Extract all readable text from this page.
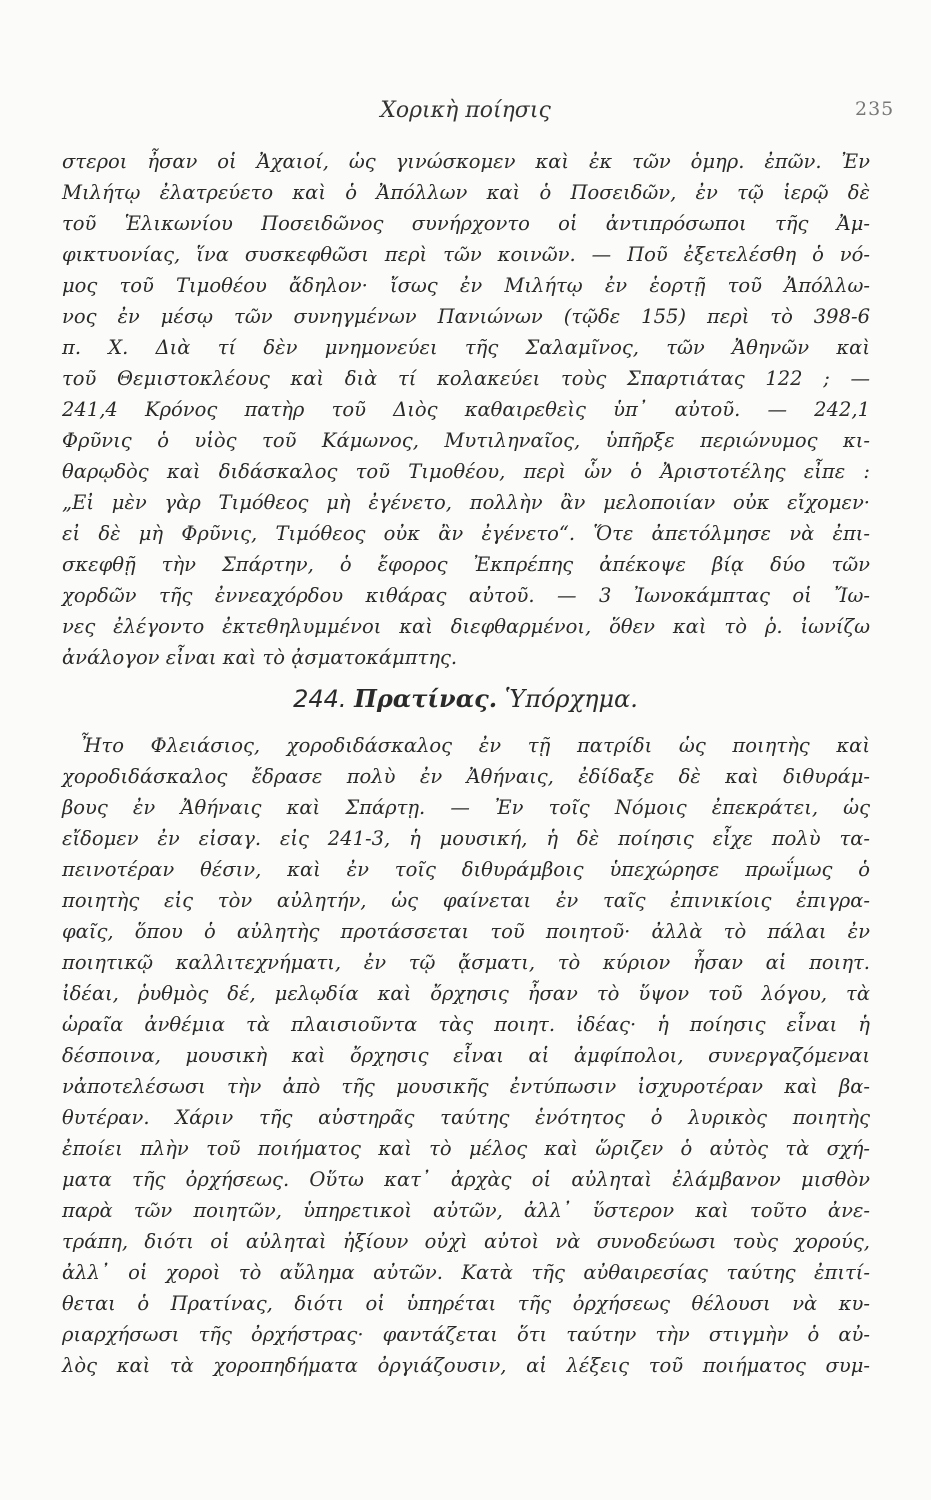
Χορικὴ ποίησις	235
στεροι ἦσαν οἱ Ἀχαιοί, ὡς γινώσκομεν καὶ ἐκ τῶν ὁμηρ. ἐπῶν. Ἐν
Μιλήτῳ ἐλατρεύετο καὶ ὁ Ἀπόλλων καὶ ὁ Ποσειδῶν, ἐν τῷ ἱερῷ δὲ
τοῦ Ἑλικωνίου Ποσειδῶνος συνήρχοντο οἱ ἀντιπρόσωποι τῆς Ἀμ-
φικτυονίας, ἵνα συσκεφθῶσι περὶ τῶν κοινῶν. — Ποῦ ἐξετελέσθη ὁ νό-
μος τοῦ Τιμοθέου ἄδηλον· ἴσως ἐν Μιλήτῳ ἐν ἑορτῇ τοῦ Ἀπόλλω-
νος ἐν μέσῳ τῶν συνηγμένων Πανιώνων (τῷδε 155) περὶ τὸ 398-6
π. Χ. Διὰ τί δὲν μνημονεύει τῆς Σαλαμῖνος, τῶν Ἀθηνῶν καὶ
τοῦ Θεμιστοκλέους καὶ διὰ τί κολακεύει τοὺς Σπαρτιάτας 122 ; —
241,4 Κρόνος πατὴρ τοῦ Διὸς καθαιρεθεὶς ὑπ᾽ αὐτοῦ. — 242,1
Φρῦνις ὁ υἱὸς τοῦ Κάμωνος, Μυτιληναῖος, ὑπῆρξε περιώνυμος κι-
θαρῳδὸς καὶ διδάσκαλος τοῦ Τιμοθέου, περὶ ὧν ὁ Ἀριστοτέλης εἶπε :
„Εἰ μὲν γὰρ Τιμόθεος μὴ ἐγένετο, πολλὴν ἂν μελοποιίαν οὐκ εἴχομεν·
εἰ δὲ μὴ Φρῦνις, Τιμόθεος οὐκ ἂν ἐγένετο“. Ὅτε ἀπετόλμησε νὰ ἐπι-
σκεφθῇ τὴν Σπάρτην, ὁ ἔφορος Ἐκπρέπης ἀπέκοψε βίᾳ δύο τῶν
χορδῶν τῆς ἐννεαχόρδου κιθάρας αὐτοῦ. — 3 Ἰωνοκάμπτας οἱ Ἴω-
νες ἐλέγοντο ἐκτεθηλυμμένοι καὶ διεφθαρμένοι, ὅθεν καὶ τὸ ῥ. ἰωνίζω
ἀνάλογον εἶναι καὶ τὸ ᾀσματοκάμπτης.
Ἦτο Φλειάσιος, χοροδιδάσκαλος ἐν τῇ πατρίδι ὡς ποιητὴς καὶ
χοροδιδάσκαλος ἔδρασε πολὺ ἐν Ἀθήναις, ἐδίδαξε δὲ καὶ διθυράμ-
βους ἐν Ἀθήναις καὶ Σπάρτῃ. — Ἐν τοῖς Νόμοις ἐπεκράτει, ὡς
εἴδομεν ἐν εἰσαγ. εἰς 241-3, ἡ μουσική, ἡ δὲ ποίησις εἶχε πολὺ τα-
πεινοτέραν θέσιν, καὶ ἐν τοῖς διθυράμβοις ὑπεχώρησε πρωΐμως ὁ
ποιητὴς εἰς τὸν αὐλητήν, ὡς φαίνεται ἐν ταῖς ἐπινικίοις ἐπιγρα-
φαῖς, ὅπου ὁ αὐλητὴς προτάσσεται τοῦ ποιητοῦ· ἀλλὰ τὸ πάλαι ἐν
ποιητικῷ καλλιτεχνήματι, ἐν τῷ ᾄσματι, τὸ κύριον ἦσαν αἱ ποιητ.
ἰδέαι, ῥυθμὸς δέ, μελῳδία καὶ ὄρχησις ἦσαν τὸ ὕψον τοῦ λόγου, τὰ
ὡραῖα ἀνθέμια τὰ πλαισιοῦντα τὰς ποιητ. ἰδέας· ἡ ποίησις εἶναι ἡ
δέσποινα, μουσικὴ καὶ ὄρχησις εἶναι αἱ ἀμφίπολοι, συνεργαζόμεναι
νἀποτελέσωσι τὴν ἀπὸ τῆς μουσικῆς ἐντύπωσιν ἰσχυροτέραν καὶ βα-
θυτέραν. Χάριν τῆς αὐστηρᾶς ταύτης ἑνότητος ὁ λυρικὸς ποιητὴς
ἐποίει πλὴν τοῦ ποιήματος καὶ τὸ μέλος καὶ ὥριζεν ὁ αὐτὸς τὰ σχή-
ματα τῆς ὀρχήσεως. Οὕτω κατ᾽ ἀρχὰς οἱ αὐληταὶ ἐλάμβανον μισθὸν
παρὰ τῶν ποιητῶν, ὑπηρετικοὶ αὐτῶν, ἀλλ᾽ ὕστερον καὶ τοῦτο ἀνε-
τράπη, διότι οἱ αὐληταὶ ἠξίουν οὐχὶ αὐτοὶ νὰ συνοδεύωσι τοὺς χορούς,
ἀλλ᾽ οἱ χοροὶ τὸ αὔλημα αὐτῶν. Κατὰ τῆς αὐθαιρεσίας ταύτης ἐπιτί-
θεται ὁ Πρατίνας, διότι οἱ ὑπηρέται τῆς ὀρχήσεως θέλουσι νὰ κυ-
ριαρχήσωσι τῆς ὀρχήστρας· φαντάζεται ὅτι ταύτην τὴν στιγμὴν ὁ αὐ-
λὸς καὶ τὰ χοροπηδήματα ὀργιάζουσιν, αἱ λέξεις τοῦ ποιήματος συμ-
244. Πρατίνας. Ὑπόρχημα.
